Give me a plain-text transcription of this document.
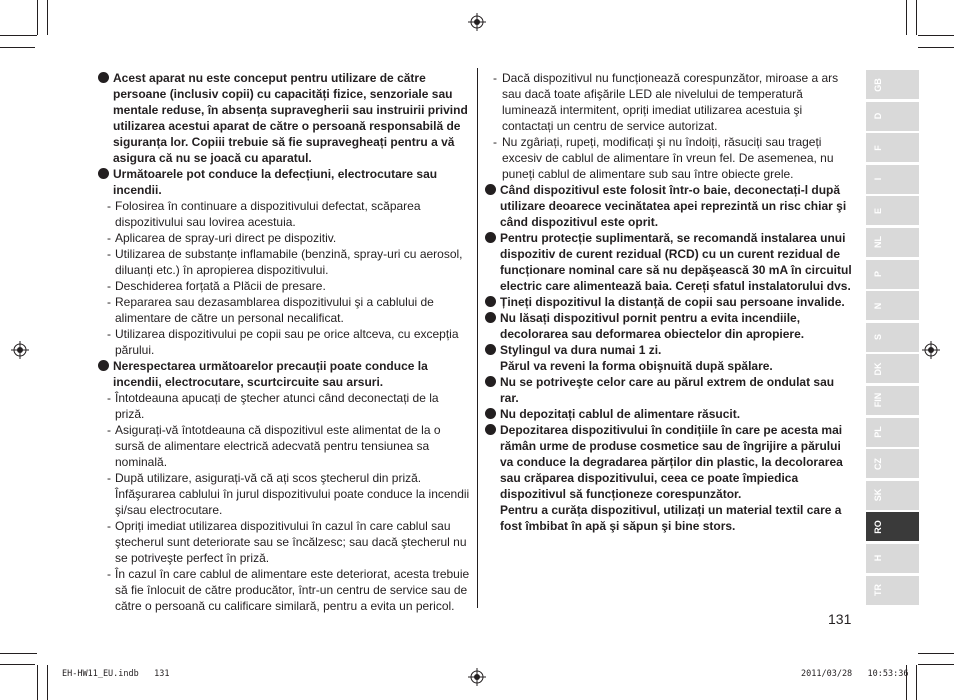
Acest aparat nu este conceput pentru utilizare de către persoane (inclusiv copii) cu capacități fizice, senzoriale sau mentale reduse, în absența supravegherii sau instruirii privind utilizarea acestui aparat de către o persoană responsabilă de siguranța lor. Copiii trebuie să fie supravegheați pentru a vă asigura că nu se joacă cu aparatul.
Următoarele pot conduce la defecțiuni, electrocutare sau incendii.
- Folosirea în continuare a dispozitivului defectat, scăparea dispozitivului sau lovirea acestuia.
- Aplicarea de spray-uri direct pe dispozitiv.
- Utilizarea de substanțe inflamabile (benzină, spray-uri cu aerosol, diluanți etc.) în apropierea dispozitivului.
- Deschiderea forțată a Plăcii de presare.
- Repararea sau dezasamblarea dispozitivului şi a cablului de alimentare de către un personal necalificat.
- Utilizarea dispozitivului pe copii sau pe orice altceva, cu excepția părului.
Nerespectarea următoarelor precauții poate conduce la incendii, electrocutare, scurtcircuite sau arsuri.
- Întotdeauna apucați de ştecher atunci când deconectați de la priză.
- Asigurați-vă întotdeauna că dispozitivul este alimentat de la o sursă de alimentare electrică adecvată pentru tensiunea sa nominală.
- După utilizare, asigurați-vă că ați scos ştecherul din priză. Înfăşurarea cablului în jurul dispozitivului poate conduce la incendii şi/sau electrocutare.
- Opriți imediat utilizarea dispozitivului în cazul în care cablul sau ştecherul sunt deteriorate sau se încălzesc; sau dacă ştecherul nu se potriveşte perfect în priză.
- În cazul în care cablul de alimentare este deteriorat, acesta trebuie să fie înlocuit de către producător, într-un centru de service sau de către o persoană cu calificare similară, pentru a evita un pericol.
- Dacă dispozitivul nu funcționează corespunzător, miroase a ars sau dacă toate afişările LED ale nivelului de temperatură luminează intermitent, opriți imediat utilizarea acestuia şi contactați un centru de service autorizat.
- Nu zgâriați, rupeți, modificați şi nu îndoiți, răsuciți sau trageți excesiv de cablul de alimentare în vreun fel. De asemenea, nu puneți cablul de alimentare sub sau între obiecte grele.
Când dispozitivul este folosit într-o baie, deconectați-l după utilizare deoarece vecinătatea apei reprezintă un risc chiar şi când dispozitivul este oprit.
Pentru protecție suplimentară, se recomandă instalarea unui dispozitiv de curent rezidual (RCD) cu un curent rezidual de funcționare nominal care să nu depăşească 30 mA în circuitul electric care alimentează baia. Cereți sfatul instalatorului dvs.
Țineți dispozitivul la distanță de copii sau persoane invalide.
Nu lăsați dispozitivul pornit pentru a evita incendiile, decolorarea sau deformarea obiectelor din apropiere.
Stylingul va dura numai 1 zi.
Părul va reveni la forma obişnuită după spălare.
Nu se potriveşte celor care au părul extrem de ondulat sau rar.
Nu depozitați cablul de alimentare răsucit.
Depozitarea dispozitivului în condițiile în care pe acesta mai rămân urme de produse cosmetice sau de îngrijire a părului va conduce la degradarea părților din plastic, la decolorarea sau crăparea dispozitivului, ceea ce poate împiedica dispozitivul să funcționeze corespunzător.
Pentru a curăța dispozitivul, utilizați un material textil care a fost îmbibat în apă şi săpun şi bine stors.
GB
D
F
I
E
NL
P
N
S
DK
FIN
PL
CZ
SK
RO
H
TR
131
EH-HW11_EU.indb   131	2011/03/28   10:53:36
